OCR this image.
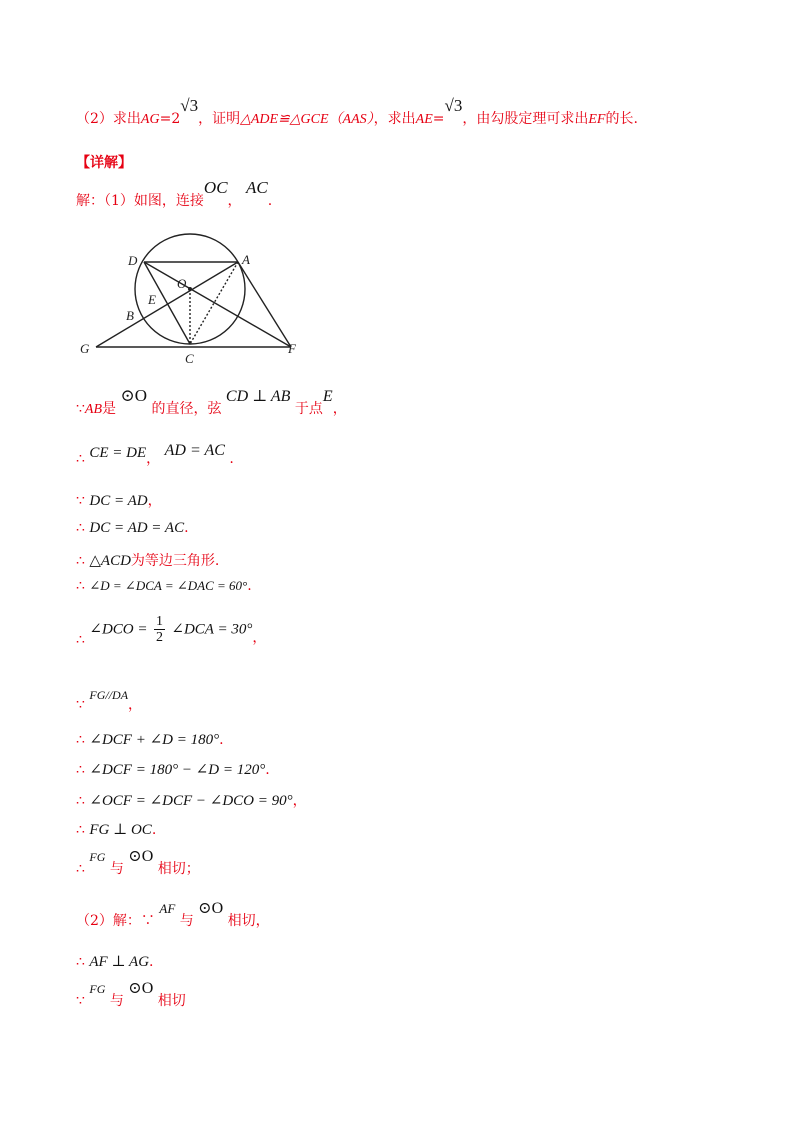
（2）求出AG=2√3，证明△ADE≌△GCE（AAS），求出AE=√3，由勾股定理可求出EF的长.
【详解】
解：（1）如图，连接OC， AC.
D	A
O
E
B
G
C
F
∵AB是 ⊙O 的直径，弦 CD ⊥ AB 于点E，
∴ CE = DE， AD = AC .
∵ DC = AD，
∴ DC = AD = AC.
∴ △ACD为等边三角形.
∴ ∠D = ∠DCA = ∠DAC = 60°.
∴ ∠DCO = $\frac{1}{2}$ ∠DCA = 30°，
∵ FG//DA，
∴ ∠DCF + ∠D = 180°.
∴ ∠DCF = 180° − ∠D = 120°.
∴ ∠OCF = ∠DCF − ∠DCO = 90°，
∴ FG ⊥ OC.
∴ FG 与 ⊙O 相切；
（2）解：∵ AF 与 ⊙O 相切，
∴ AF ⊥ AG.
∵ FG 与 ⊙O 相切
